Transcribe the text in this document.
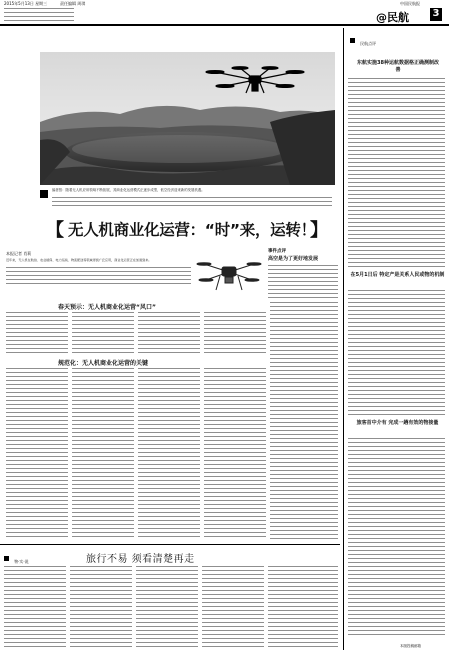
2015年5月13日 星期三	责任编辑 周琪	中国民航报
@民航 3
编者按：随着无人机应用领域不断拓展，其商业化运营模式正逐步成型，低空经济迎来新的发展机遇。
【 无人机商业化运营：“时”来，运转！
】
本报记者 肖莉
近年来，无人机在航拍、农业植保、电力巡线、物流配送等领域得到广泛应用，商业化运营正在加速到来。
事件点评
高空是为了更好地发展
春天预示：无人机商业化运营“风口”
规范化：无人机商业化运营的关键
物·实·说	旅行不易 须看清楚再走
民航点评
东航实施38种运航数据格正确测制改善
在5月1日后 特定产是关系人民或物的机制
旅客首中介有 完成一趟有效的物接量
本版投稿邮箱
